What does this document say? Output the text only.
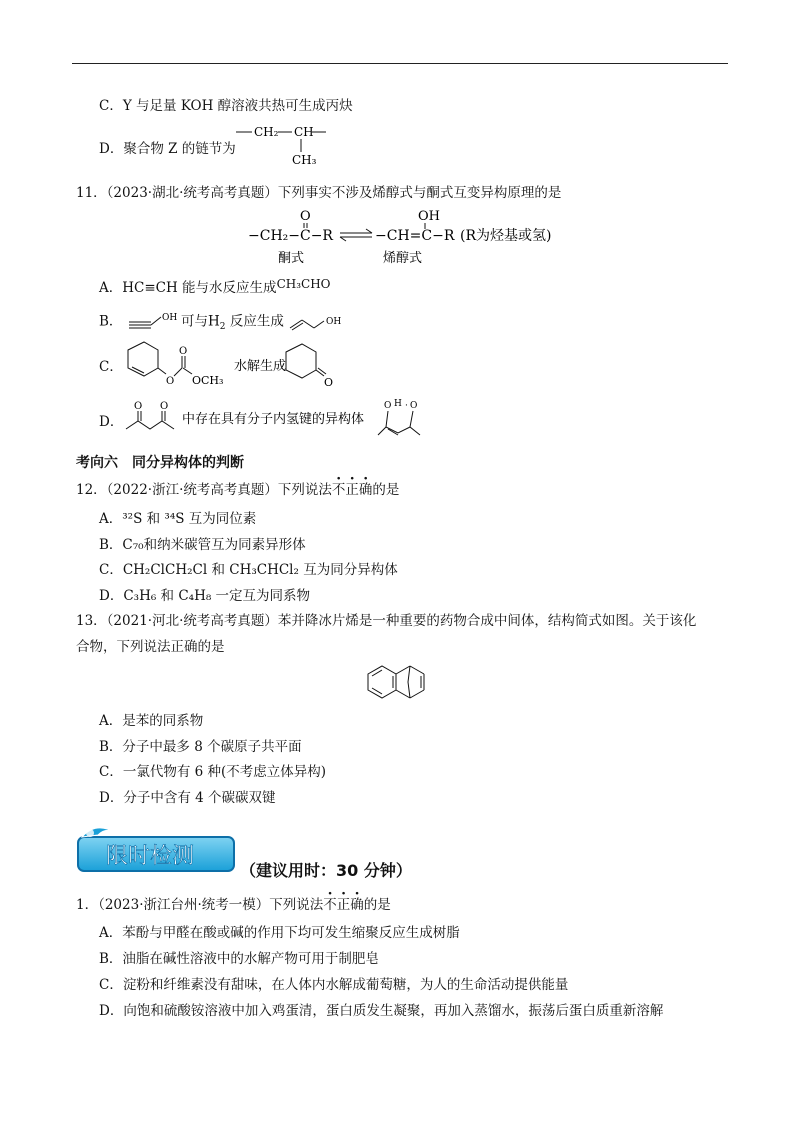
C．Y 与足量 KOH 醇溶液共热可生成丙炔
D．聚合物 Z 的链节为
CH₂ CH
CH₃
11．（2023·湖北·统考高考真题）下列事实不涉及烯醇式与酮式互变异构原理的是
−CH₂−C−R
O
−CH=C−R
OH
(R为烃基或氢)
酮式	烯醇式
A．HC≡CH 能与水反应生成CH₃CHO
B．	OH 可与$H_2$ 反应生成	OH
C．
O
O
OCH₃
水解生成
O
D．
O O
中存在具有分子内氢键的异构体
O H · O
考向六　同分异构体的判断
12．（2022·浙江·统考高考真题）下列说法不正确的是
A．³²S 和 ³⁴S 互为同位素
B．C₇₀和纳米碳管互为同素异形体
C．CH₂ClCH₂Cl 和 CH₃CHCl₂ 互为同分异构体
D．C₃H₆ 和 C₄H₈ 一定互为同系物
13．（2021·河北·统考高考真题）苯并降冰片烯是一种重要的药物合成中间体，结构简式如图。关于该化
合物，下列说法正确的是
A．是苯的同系物
B．分子中最多 8 个碳原子共平面
C．一氯代物有 6 种(不考虑立体异构)
D．分子中含有 4 个碳碳双键
限时检测
（建议用时：30 分钟）
1．（2023·浙江台州·统考一模）下列说法不正确的是
A．苯酚与甲醛在酸或碱的作用下均可发生缩聚反应生成树脂
B．油脂在碱性溶液中的水解产物可用于制肥皂
C．淀粉和纤维素没有甜味，在人体内水解成葡萄糖，为人的生命活动提供能量
D．向饱和硫酸铵溶液中加入鸡蛋清，蛋白质发生凝聚，再加入蒸馏水，振荡后蛋白质重新溶解
